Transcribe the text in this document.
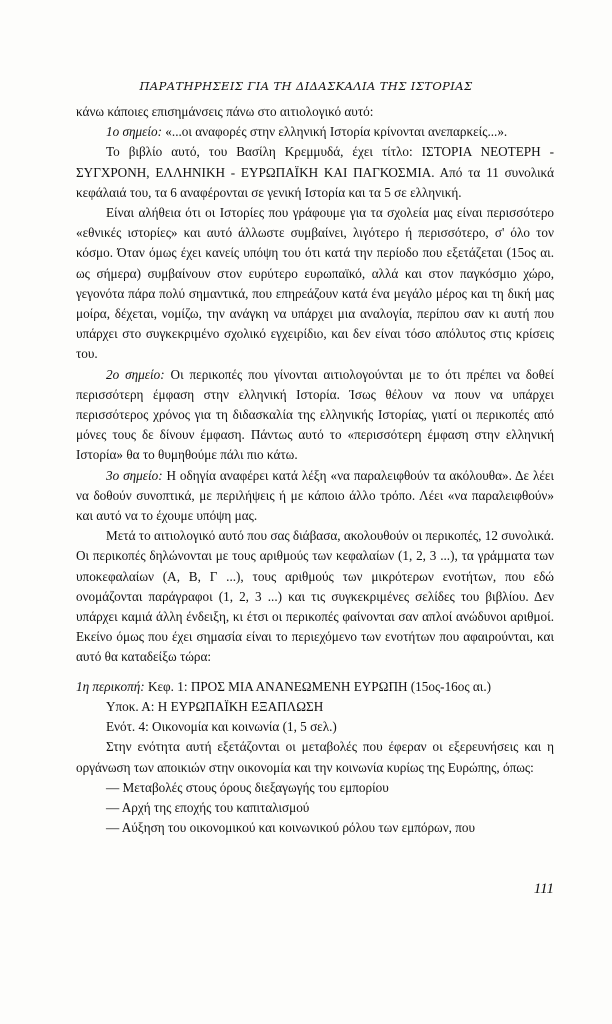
ΠΑΡΑΤΗΡΗΣΕΙΣ ΓΙΑ ΤΗ ΔΙΔΑΣΚΑΛΙΑ ΤΗΣ ΙΣΤΟΡΙΑΣ

κάνω κάποιες επισημάνσεις πάνω στο αιτιολογικό αυτό:

1ο σημείο: «...οι αναφορές στην ελληνική Ιστορία κρίνονται ανεπαρκείς...».

Το βιβλίο αυτό, του Βασίλη Κρεμμυδά, έχει τίτλο: ΙΣΤΟΡΙΑ ΝΕΟΤΕΡΗ - ΣΥΓΧΡΟΝΗ, ΕΛΛΗΝΙΚΗ - ΕΥΡΩΠΑΪΚΗ ΚΑΙ ΠΑΓΚΟΣΜΙΑ. Από τα 11 συνολικά κεφάλαιά του, τα 6 αναφέρονται σε γενική Ιστορία και τα 5 σε ελληνική.

Είναι αλήθεια ότι οι Ιστορίες που γράφουμε για τα σχολεία μας είναι περισσότερο «εθνικές ιστορίες» και αυτό άλλωστε συμβαίνει, λιγότερο ή περισσότερο, σ' όλο τον κόσμο. Όταν όμως έχει κανείς υπόψη του ότι κατά την περίοδο που εξετάζεται (15ος αι. ως σήμερα) συμβαίνουν στον ευρύτερο ευρωπαϊκό, αλλά και στον παγκόσμιο χώρο, γεγονότα πάρα πολύ σημαντικά, που επηρεάζουν κατά ένα μεγάλο μέρος και τη δική μας μοίρα, δέχεται, νομίζω, την ανάγκη να υπάρχει μια αναλογία, περίπου σαν κι αυτή που υπάρχει στο συγκεκριμένο σχολικό εγχειρίδιο, και δεν είναι τόσο απόλυτος στις κρίσεις του.

2ο σημείο: Οι περικοπές που γίνονται αιτιολογούνται με το ότι πρέπει να δοθεί περισσότερη έμφαση στην ελληνική Ιστορία. Ίσως θέλουν να πουν να υπάρχει περισσότερος χρόνος για τη διδασκαλία της ελληνικής Ιστορίας, γιατί οι περικοπές από μόνες τους δε δίνουν έμφαση. Πάντως αυτό το «περισσότερη έμφαση στην ελληνική Ιστορία» θα το θυμηθούμε πάλι πιο κάτω.

3ο σημείο: Η οδηγία αναφέρει κατά λέξη «να παραλειφθούν τα ακόλουθα». Δε λέει να δοθούν συνοπτικά, με περιλήψεις ή με κάποιο άλλο τρόπο. Λέει «να παραλειφθούν» και αυτό να το έχουμε υπόψη μας.

Μετά το αιτιολογικό αυτό που σας διάβασα, ακολουθούν οι περικοπές, 12 συνολικά. Οι περικοπές δηλώνονται με τους αριθμούς των κεφαλαίων (1, 2, 3 ...), τα γράμματα των υποκεφαλαίων (Α, Β, Γ ...), τους αριθμούς των μικρότερων ενοτήτων, που εδώ ονομάζονται παράγραφοι (1, 2, 3 ...) και τις συγκεκριμένες σελίδες του βιβλίου. Δεν υπάρχει καμιά άλλη ένδειξη, κι έτσι οι περικοπές φαίνονται σαν απλοί ανώδυνοι αριθμοί. Εκείνο όμως που έχει σημασία είναι το περιεχόμενο των ενοτήτων που αφαιρούνται, και αυτό θα καταδείξω τώρα:

1η περικοπή: Κεφ. 1: ΠΡΟΣ ΜΙΑ ΑΝΑΝΕΩΜΕΝΗ ΕΥΡΩΠΗ (15ος-16ος αι.)

Υποκ. Α: Η ΕΥΡΩΠΑΪΚΗ ΕΞΑΠΛΩΣΗ

Ενότ. 4: Οικονομία και κοινωνία (1, 5 σελ.)

Στην ενότητα αυτή εξετάζονται οι μεταβολές που έφεραν οι εξερευνήσεις και η οργάνωση των αποικιών στην οικονομία και την κοινωνία κυρίως της Ευρώπης, όπως:

— Μεταβολές στους όρους διεξαγωγής του εμπορίου

— Αρχή της εποχής του καπιταλισμού

— Αύξηση του οικονομικού και κοινωνικού ρόλου των εμπόρων, που

111
